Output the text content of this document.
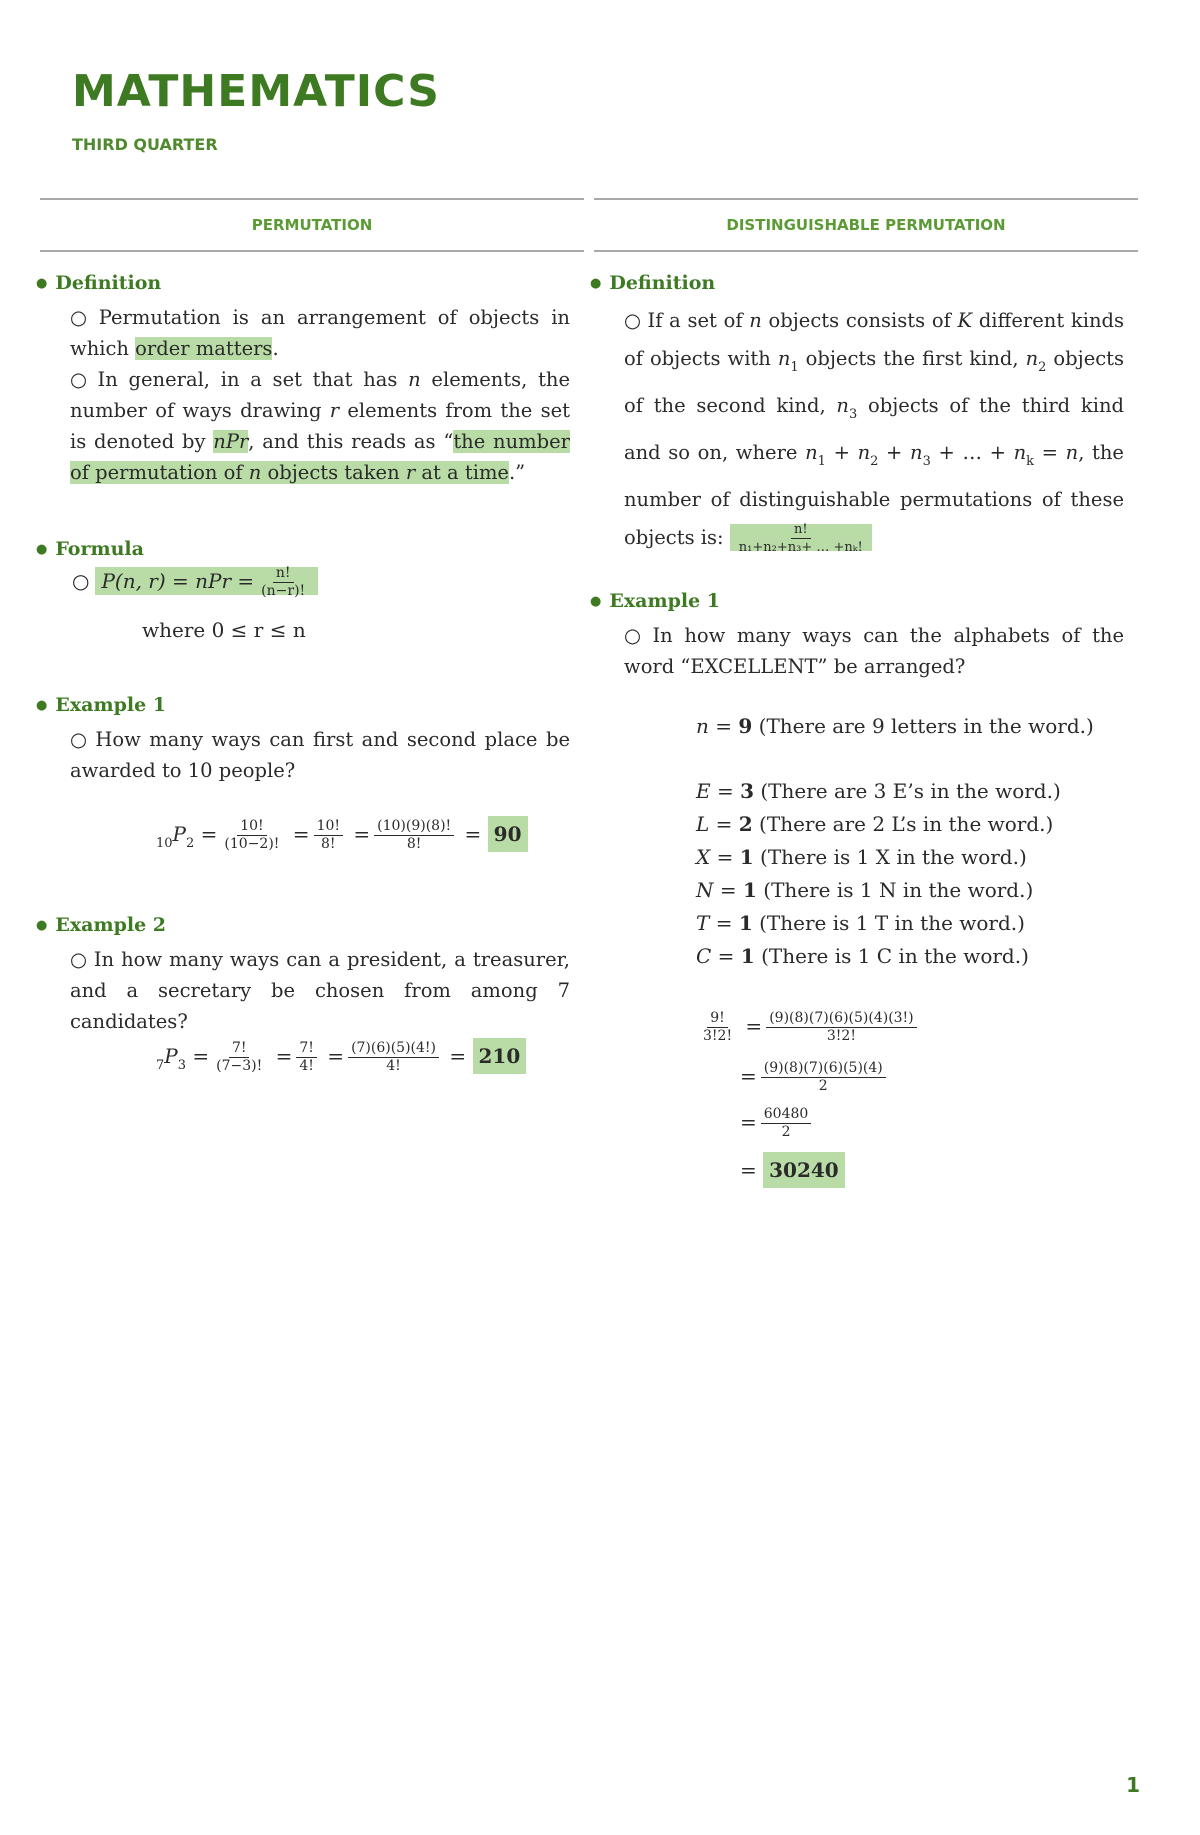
MATHEMATICS
THIRD QUARTER
PERMUTATION
● Definition
○ Permutation is an arrangement of objects in which order matters.
○ In general, in a set that has n elements, the number of ways drawing r elements from the set is denoted by nPr, and this reads as “the number of permutation of n objects taken r at a time.”
● Formula
○ P(n, r) = nPr = $\frac{n!}{(n-r)!}$
where 0 ≤ r ≤ n
● Example 1
○ How many ways can first and second place be awarded to 10 people?
$_{10}P_2 = \frac{10!}{(10-2)!} = \frac{10!}{8!} = \frac{(10)(9)(8)!}{8!} = 90$
● Example 2
○ In how many ways can a president, a treasurer, and a secretary be chosen from among 7 candidates?
$_7P_3 = \frac{7!}{(7-3)!} = \frac{7!}{4!} = \frac{(7)(6)(5)(4!)}{4!} = 210$
DISTINGUISHABLE PERMUTATION
● Definition
○ If a set of n objects consists of K different kinds of objects with $n_1$ objects the first kind, $n_2$ objects of the second kind, $n_3$ objects of the third kind and so on, where $n_1 + n_2 + n_3$ + … + $n_k = n$, the number of distinguishable permutations of these objects is: $\frac{n!}{\text{n₁+n₂+n₃+ … +nₖ!}}$
● Example 1
○ In how many ways can the alphabets of the word “EXCELLENT” be arranged?
n = 9 (There are 9 letters in the word.)
E = 3 (There are 3 E’s in the word.)
L = 2 (There are 2 L’s in the word.)
X = 1 (There is 1 X in the word.)
N = 1 (There is 1 N in the word.)
T = 1 (There is 1 T in the word.)
C = 1 (There is 1 C in the word.)
$\frac{9!}{3!2!} = \frac{(9)(8)(7)(6)(5)(4)(3!)}{3!2!}$
= $\frac{(9)(8)(7)(6)(5)(4)}{2}$
= $\frac{60480}{2}$
= 30240
1
